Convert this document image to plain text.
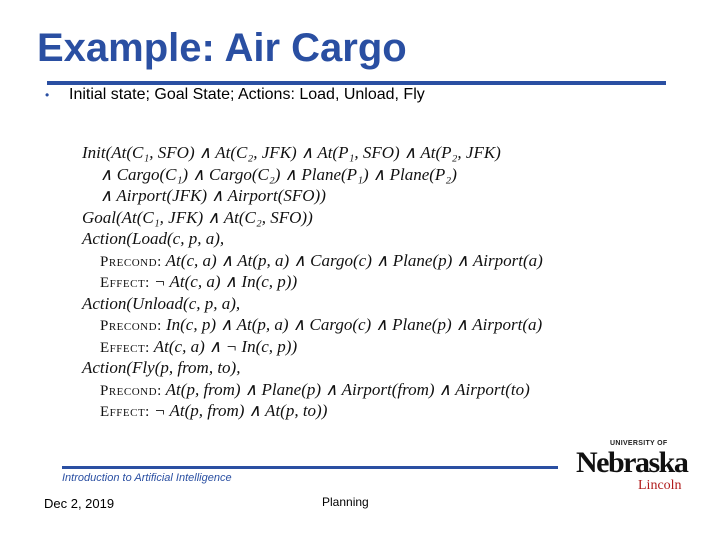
Example: Air Cargo
• Initial state; Goal State; Actions: Load, Unload, Fly
Init(At(C₁, SFO) ∧ At(C₂, JFK) ∧ At(P₁, SFO) ∧ At(P₂, JFK)
∧ Cargo(C₁) ∧ Cargo(C₂) ∧ Plane(P₁) ∧ Plane(P₂)
∧ Airport(JFK) ∧ Airport(SFO))
Goal(At(C₁, JFK) ∧ At(C₂, SFO))
Action(Load(c, p, a),
Precond: At(c, a) ∧ At(p, a) ∧ Cargo(c) ∧ Plane(p) ∧ Airport(a)
Effect: ¬ At(c, a) ∧ In(c, p))
Action(Unload(c, p, a),
Precond: In(c, p) ∧ At(p, a) ∧ Cargo(c) ∧ Plane(p) ∧ Airport(a)
Effect: At(c, a) ∧ ¬ In(c, p))
Action(Fly(p, from, to),
Precond: At(p, from) ∧ Plane(p) ∧ Airport(from) ∧ Airport(to)
Effect: ¬ At(p, from) ∧ At(p, to))
Introduction to Artificial Intelligence
Dec 2, 2019	Planning
UNIVERSITY OF
Nebraska
Lincoln
